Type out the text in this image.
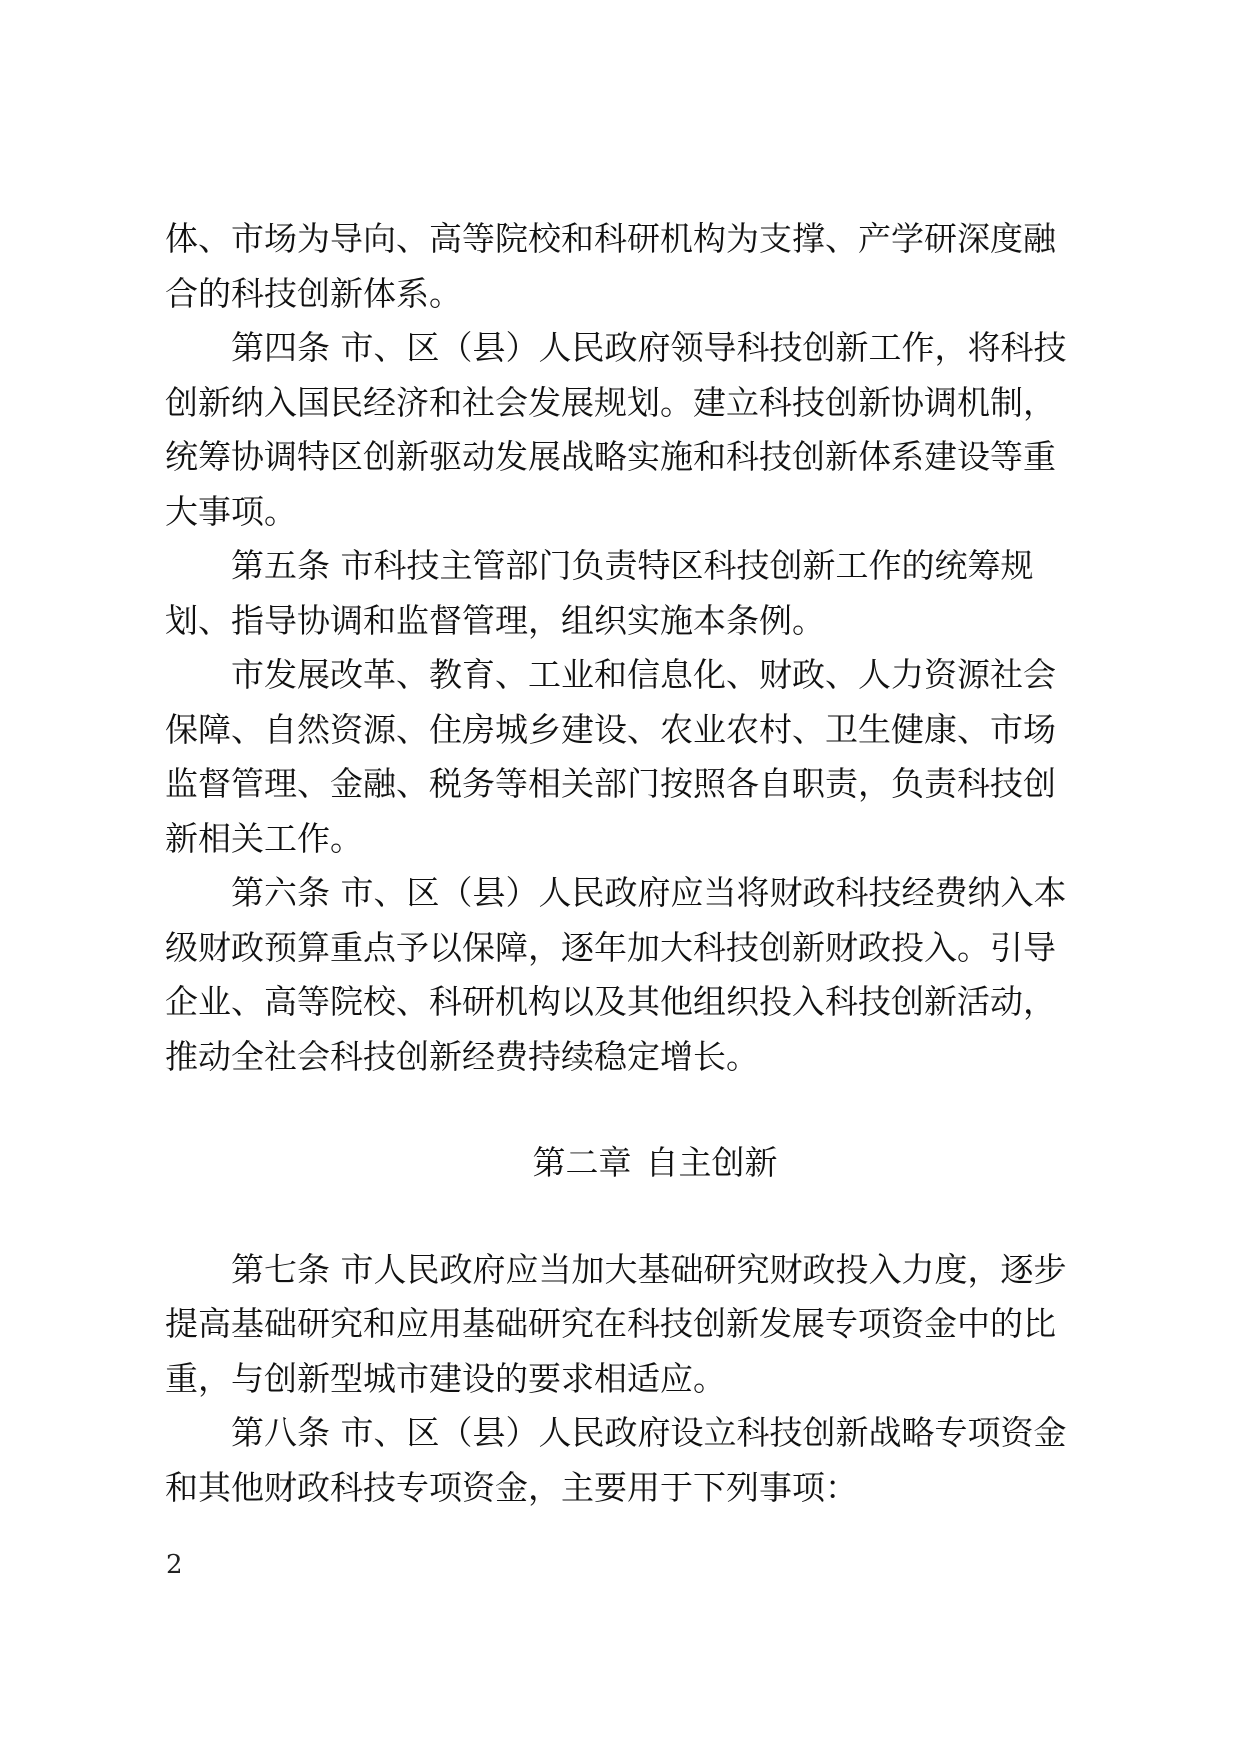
体、市场为导向、高等院校和科研机构为支撑、产学研深度融
合的科技创新体系。
第四条 市、区（县）人民政府领导科技创新工作，将科技
创新纳入国民经济和社会发展规划。建立科技创新协调机制，
统筹协调特区创新驱动发展战略实施和科技创新体系建设等重
大事项。
第五条 市科技主管部门负责特区科技创新工作的统筹规
划、指导协调和监督管理，组织实施本条例。
市发展改革、教育、工业和信息化、财政、人力资源社会
保障、自然资源、住房城乡建设、农业农村、卫生健康、市场
监督管理、金融、税务等相关部门按照各自职责，负责科技创
新相关工作。
第六条 市、区（县）人民政府应当将财政科技经费纳入本
级财政预算重点予以保障，逐年加大科技创新财政投入。引导
企业、高等院校、科研机构以及其他组织投入科技创新活动，
推动全社会科技创新经费持续稳定增长。
第二章 自主创新
第七条 市人民政府应当加大基础研究财政投入力度，逐步
提高基础研究和应用基础研究在科技创新发展专项资金中的比
重，与创新型城市建设的要求相适应。
第八条 市、区（县）人民政府设立科技创新战略专项资金
和其他财政科技专项资金，主要用于下列事项：
2
